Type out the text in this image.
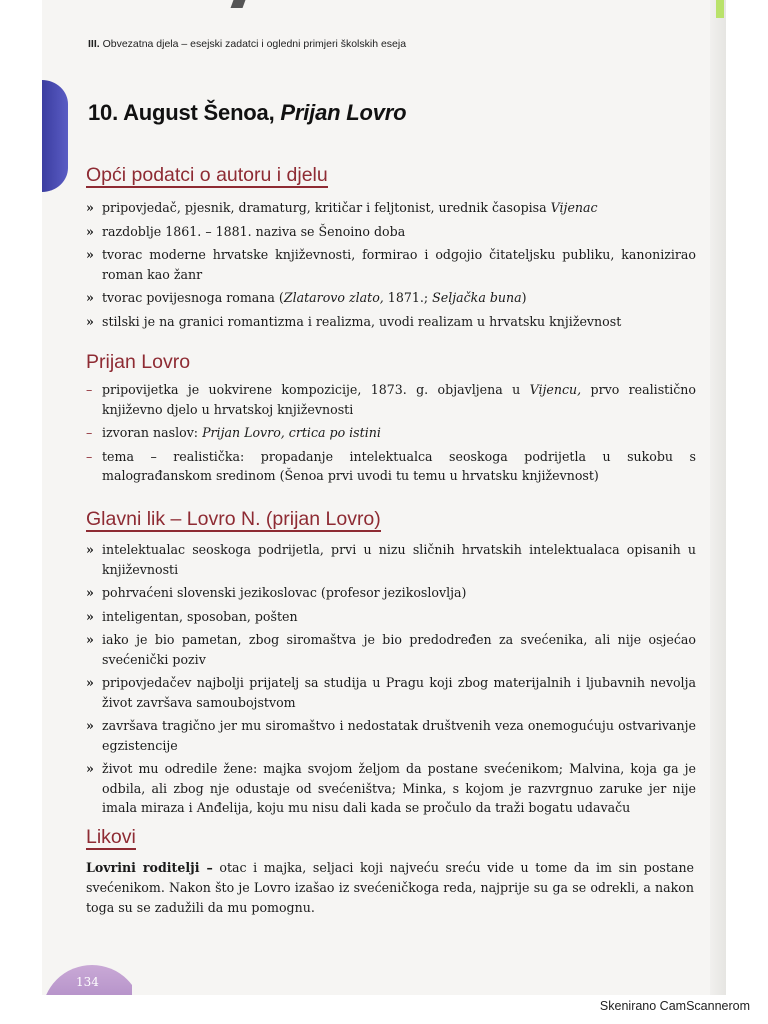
III. Obvezatna djela – esejski zadatci i ogledni primjeri školskih eseja
10. August Šenoa, Prijan Lovro
Opći podatci o autoru i djelu
» pripovjedač, pjesnik, dramaturg, kritičar i feljtonist, urednik časopisa Vijenac
» razdoblje 1861. – 1881. naziva se Šenoino doba
» tvorac moderne hrvatske književnosti, formirao i odgojio čitateljsku publiku, kanonizirao roman kao žanr
» tvorac povijesnoga romana (Zlatarovo zlato, 1871.; Seljačka buna)
» stilski je na granici romantizma i realizma, uvodi realizam u hrvatsku književnost
Prijan Lovro
– pripovijetka je uokvirene kompozicije, 1873. g. objavljena u Vijencu, prvo realistično književno djelo u hrvatskoj književnosti
– izvoran naslov: Prijan Lovro, crtica po istini
– tema – realistička: propadanje intelektualca seoskoga podrijetla u sukobu s malograđanskom sredinom (Šenoa prvi uvodi tu temu u hrvatsku književnost)
Glavni lik – Lovro N. (prijan Lovro)
» intelektualac seoskoga podrijetla, prvi u nizu sličnih hrvatskih intelektualaca opisanih u književnosti
» pohrvaćeni slovenski jezikoslovac (profesor jezikoslovlja)
» inteligentan, sposoban, pošten
» iako je bio pametan, zbog siromaštva je bio predodređen za svećenika, ali nije osjećao svećenički poziv
» pripovjedačev najbolji prijatelj sa studija u Pragu koji zbog materijalnih i ljubavnih nevolja život završava samoubojstvom
» završava tragično jer mu siromaštvo i nedostatak društvenih veza onemogućuju ostvarivanje egzistencije
» život mu odredile žene: majka svojom željom da postane svećenikom; Malvina, koja ga je odbila, ali zbog nje odustaje od svećeništva; Minka, s kojom je razvrgnuo zaruke jer nije imala miraza i Anđelija, koju mu nisu dali kada se pročulo da traži bogatu udavaču
Likovi
Lovrini roditelji – otac i majka, seljaci koji najveću sreću vide u tome da im sin postane svećenikom. Nakon što je Lovro izašao iz svećeničkoga reda, najprije su ga se odrekli, a nakon toga su se zadužili da mu pomognu.
134
Skenirano CamScannerom
